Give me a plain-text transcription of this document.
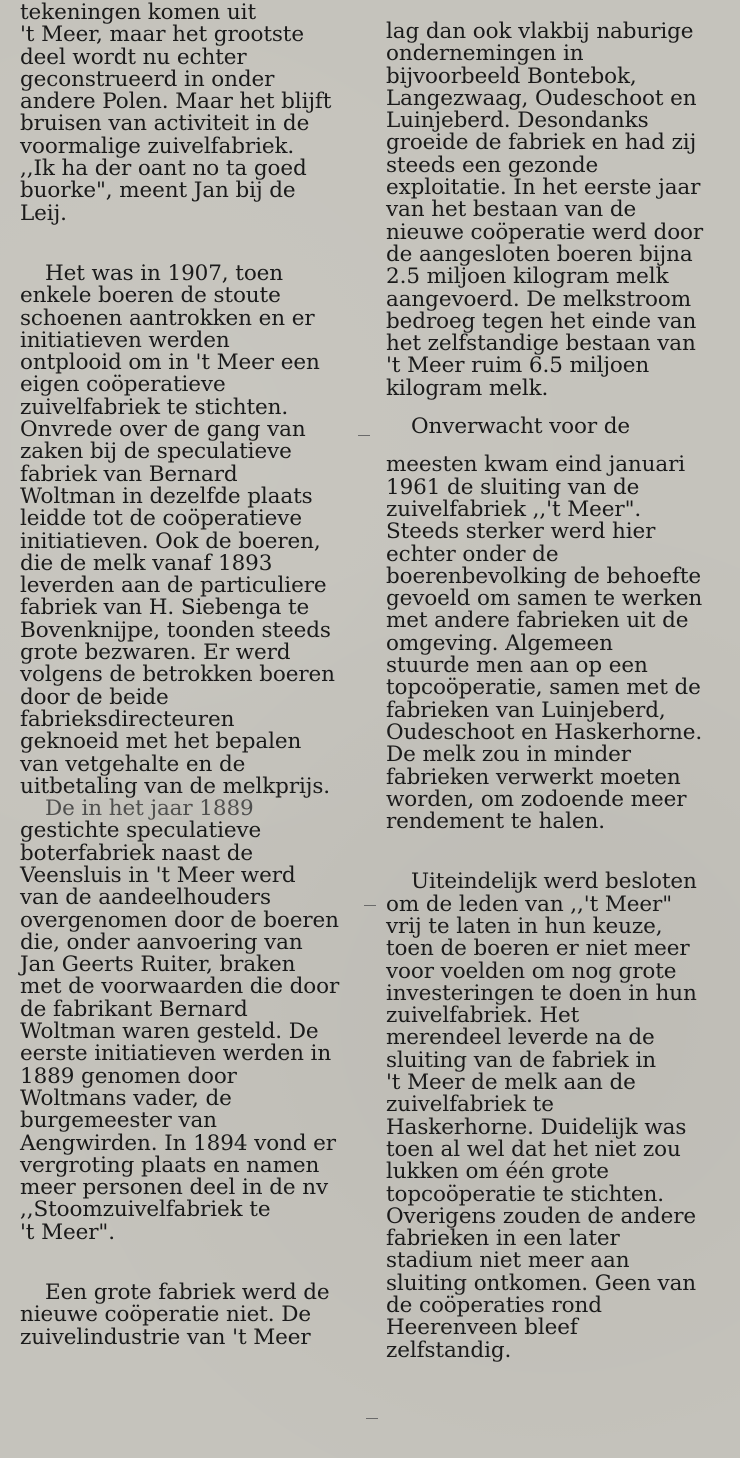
tekeningen komen uit
't Meer, maar het grootste
deel wordt nu echter
geconstrueerd in onder
andere Polen. Maar het blijft
bruisen van activiteit in de
voormalige zuivelfabriek.
,,Ik ha der oant no ta goed
buorke", meent Jan bij de
Leij.
Het was in 1907, toen
enkele boeren de stoute
schoenen aantrokken en er
initiatieven werden
ontplooid om in 't Meer een
eigen coöperatieve
zuivelfabriek te stichten.
Onvrede over de gang van
zaken bij de speculatieve
fabriek van Bernard
Woltman in dezelfde plaats
leidde tot de coöperatieve
initiatieven. Ook de boeren,
die de melk vanaf 1893
leverden aan de particuliere
fabriek van H. Siebenga te
Bovenknijpe, toonden steeds
grote bezwaren. Er werd
volgens de betrokken boeren
door de beide
fabrieksdirecteuren
geknoeid met het bepalen
van vetgehalte en de
uitbetaling van de melkprijs.
De in het jaar 1889
gestichte speculatieve
boterfabriek naast de
Veensluis in 't Meer werd
van de aandeelhouders
overgenomen door de boeren
die, onder aanvoering van
Jan Geerts Ruiter, braken
met de voorwaarden die door
de fabrikant Bernard
Woltman waren gesteld. De
eerste initiatieven werden in
1889 genomen door
Woltmans vader, de
burgemeester van
Aengwirden. In 1894 vond er
vergroting plaats en namen
meer personen deel in de nv
,,Stoomzuivelfabriek te
't Meer".
Een grote fabriek werd de
nieuwe coöperatie niet. De
zuivelindustrie van 't Meer
lag dan ook vlakbij naburige
ondernemingen in
bijvoorbeeld Bontebok,
Langezwaag, Oudeschoot en
Luinjeberd. Desondanks
groeide de fabriek en had zij
steeds een gezonde
exploitatie. In het eerste jaar
van het bestaan van de
nieuwe coöperatie werd door
de aangesloten boeren bijna
2.5 miljoen kilogram melk
aangevoerd. De melkstroom
bedroeg tegen het einde van
het zelfstandige bestaan van
't Meer ruim 6.5 miljoen
kilogram melk.
Onverwacht voor de
meesten kwam eind januari
1961 de sluiting van de
zuivelfabriek ,,'t Meer".
Steeds sterker werd hier
echter onder de
boerenbevolking de behoefte
gevoeld om samen te werken
met andere fabrieken uit de
omgeving. Algemeen
stuurde men aan op een
topcoöperatie, samen met de
fabrieken van Luinjeberd,
Oudeschoot en Haskerhorne.
De melk zou in minder
fabrieken verwerkt moeten
worden, om zodoende meer
rendement te halen.
Uiteindelijk werd besloten
om de leden van ,,'t Meer"
vrij te laten in hun keuze,
toen de boeren er niet meer
voor voelden om nog grote
investeringen te doen in hun
zuivelfabriek. Het
merendeel leverde na de
sluiting van de fabriek in
't Meer de melk aan de
zuivelfabriek te
Haskerhorne. Duidelijk was
toen al wel dat het niet zou
lukken om één grote
topcoöperatie te stichten.
Overigens zouden de andere
fabrieken in een later
stadium niet meer aan
sluiting ontkomen. Geen van
de coöperaties rond
Heerenveen bleef
zelfstandig.
